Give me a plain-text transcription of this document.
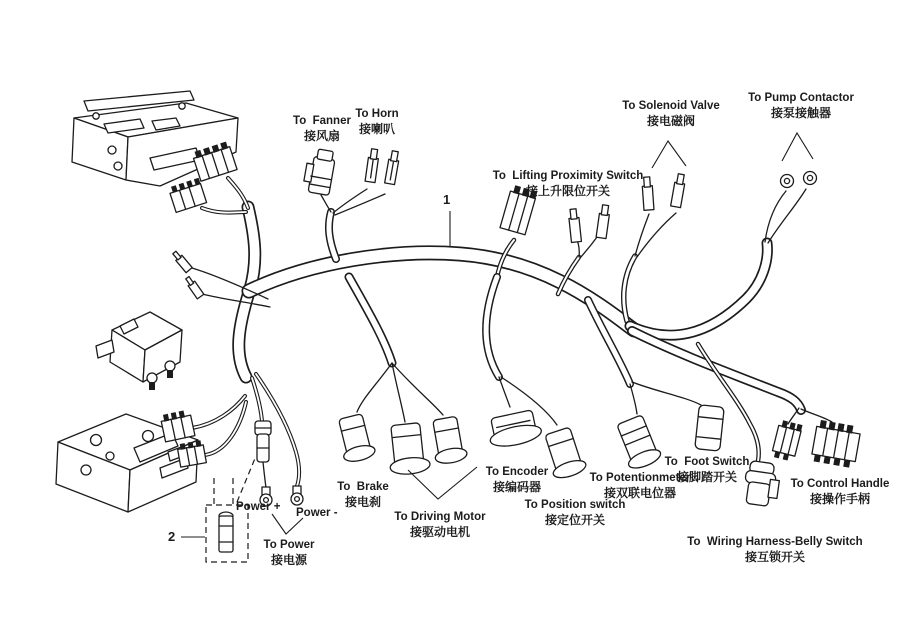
To  Fanner
接风扇
To Horn
接喇叭
To Solenoid Valve
接电磁阀
To Pump Contactor
接泵接触器
To  Lifting Proximity Switch
接上升限位开关
To  Brake
接电刹
To Driving Motor
接驱动电机
To Encoder
接编码器
To Position switch
接定位开关
To Potentionmeter
接双联电位器
To  Foot Switch
接脚踏开关
To Control Handle
接操作手柄
To  Wiring Harness-Belly Switch
接互锁开关
Power + Power -
To Power
接电源
1
2
